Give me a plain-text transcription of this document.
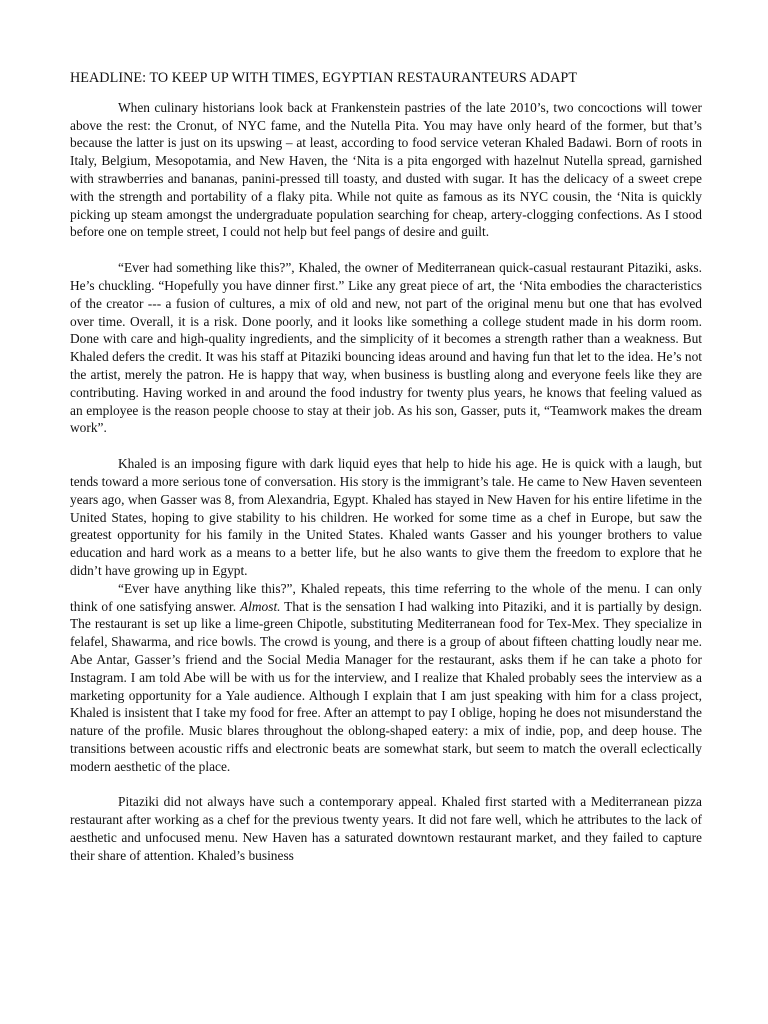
HEADLINE: TO KEEP UP WITH TIMES, EGYPTIAN RESTAURANTEURS ADAPT

When culinary historians look back at Frankenstein pastries of the late 2010’s, two concoctions will tower above the rest: the Cronut, of NYC fame, and the Nutella Pita. You may have only heard of the former, but that’s because the latter is just on its upswing – at least, according to food service veteran Khaled Badawi. Born of roots in Italy, Belgium, Mesopotamia, and New Haven, the ‘Nita is a pita engorged with hazelnut Nutella spread, garnished with strawberries and bananas, panini-pressed till toasty, and dusted with sugar. It has the delicacy of a sweet crepe with the strength and portability of a flaky pita. While not quite as famous as its NYC cousin, the ‘Nita is quickly picking up steam amongst the undergraduate population searching for cheap, artery-clogging confections. As I stood before one on temple street, I could not help but feel pangs of desire and guilt.

“Ever had something like this?”, Khaled, the owner of Mediterranean quick-casual restaurant Pitaziki, asks. He’s chuckling. “Hopefully you have dinner first.” Like any great piece of art, the ‘Nita embodies the characteristics of the creator --- a fusion of cultures, a mix of old and new, not part of the original menu but one that has evolved over time. Overall, it is a risk. Done poorly, and it looks like something a college student made in his dorm room. Done with care and high-quality ingredients, and the simplicity of it becomes a strength rather than a weakness. But Khaled defers the credit. It was his staff at Pitaziki bouncing ideas around and having fun that let to the idea. He’s not the artist, merely the patron. He is happy that way, when business is bustling along and everyone feels like they are contributing. Having worked in and around the food industry for twenty plus years, he knows that feeling valued as an employee is the reason people choose to stay at their job. As his son, Gasser, puts it, “Teamwork makes the dream work”.

Khaled is an imposing figure with dark liquid eyes that help to hide his age. He is quick with a laugh, but tends toward a more serious tone of conversation. His story is the immigrant’s tale. He came to New Haven seventeen years ago, when Gasser was 8, from Alexandria, Egypt. Khaled has stayed in New Haven for his entire lifetime in the United States, hoping to give stability to his children. He worked for some time as a chef in Europe, but saw the greatest opportunity for his family in the United States. Khaled wants Gasser and his younger brothers to value education and hard work as a means to a better life, but he also wants to give them the freedom to explore that he didn’t have growing up in Egypt.

“Ever have anything like this?”, Khaled repeats, this time referring to the whole of the menu. I can only think of one satisfying answer. Almost. That is the sensation I had walking into Pitaziki, and it is partially by design. The restaurant is set up like a lime-green Chipotle, substituting Mediterranean food for Tex-Mex. They specialize in felafel, Shawarma, and rice bowls. The crowd is young, and there is a group of about fifteen chatting loudly near me. Abe Antar, Gasser’s friend and the Social Media Manager for the restaurant, asks them if he can take a photo for Instagram. I am told Abe will be with us for the interview, and I realize that Khaled probably sees the interview as a marketing opportunity for a Yale audience. Although I explain that I am just speaking with him for a class project, Khaled is insistent that I take my food for free. After an attempt to pay I oblige, hoping he does not misunderstand the nature of the profile. Music blares throughout the oblong-shaped eatery: a mix of indie, pop, and deep house. The transitions between acoustic riffs and electronic beats are somewhat stark, but seem to match the overall eclectically modern aesthetic of the place.

Pitaziki did not always have such a contemporary appeal. Khaled first started with a Mediterranean pizza restaurant after working as a chef for the previous twenty years. It did not fare well, which he attributes to the lack of aesthetic and unfocused menu. New Haven has a saturated downtown restaurant market, and they failed to capture their share of attention. Khaled’s business
